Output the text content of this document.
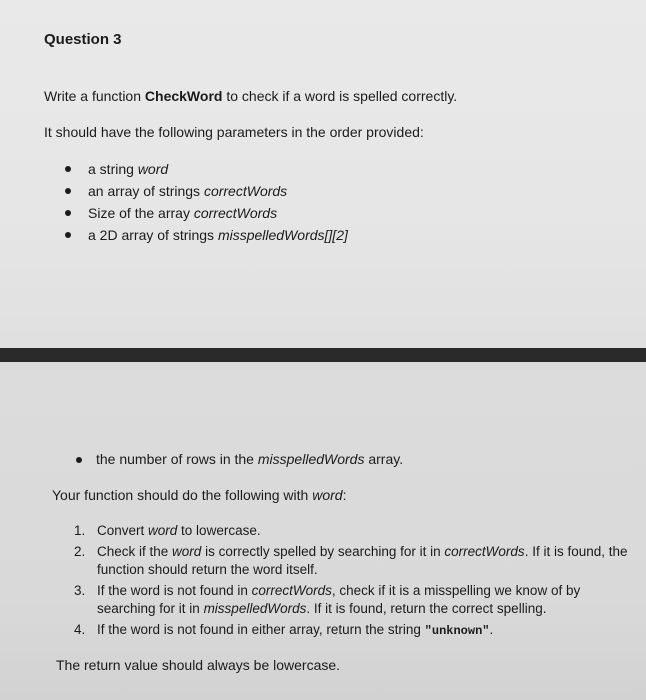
Question 3
Write a function CheckWord to check if a word is spelled correctly.
It should have the following parameters in the order provided:
a string word
an array of strings correctWords
Size of the array correctWords
a 2D array of strings misspelledWords[][2]
the number of rows in the misspelledWords array.
Your function should do the following with word:
1. Convert word to lowercase.
2. Check if the word is correctly spelled by searching for it in correctWords. If it is found, the function should return the word itself.
3. If the word is not found in correctWords, check if it is a misspelling we know of by searching for it in misspelledWords. If it is found, return the correct spelling.
4. If the word is not found in either array, return the string "unknown".
The return value should always be lowercase.
